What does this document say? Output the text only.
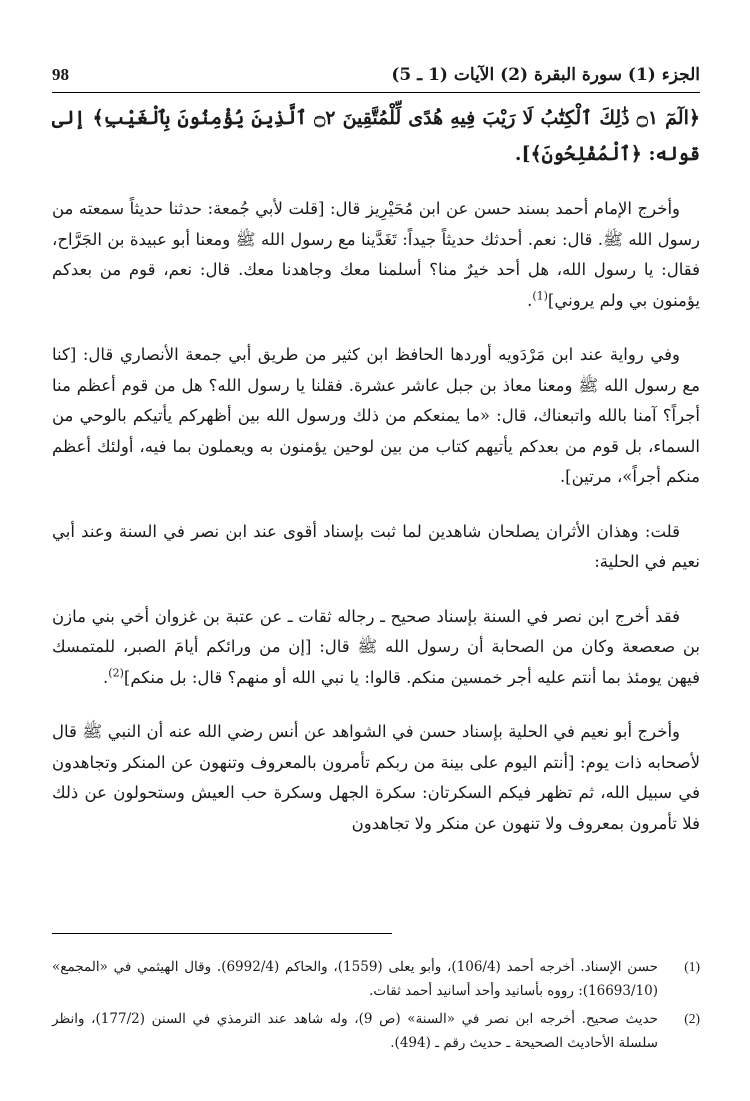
الجزء (1) سورة البقرة (2) الآيات (1 ـ 5)
98

﴿الٓمٓ ۝١ ذَٰلِكَ ٱلْكِتَٰبُ لَا رَيْبَ فِيهِ هُدًى لِّلْمُتَّقِينَ ۝٢ ٱلَّذِينَ يُؤْمِنُونَ بِٱلْغَيْبِ﴾ إلى قوله: ﴿ٱلْمُفْلِحُونَ﴾].

وأخرج الإمام أحمد بسند حسن عن ابن مُحَيْرِيز قال: [قلت لأبي جُمعة: حدثنا حديثاً سمعته من رسول الله ﷺ. قال: نعم. أحدثك حديثاً جيداً: تَغَدَّينا مع رسول الله ﷺ ومعنا أبو عبيدة بن الجَرَّاح، فقال: يا رسول الله، هل أحد خيرٌ منا؟ أسلمنا معك وجاهدنا معك. قال: نعم، قوم من بعدكم يؤمنون بي ولم يروني]$^{(1)}$.

وفي رواية عند ابن مَرْدَويه أوردها الحافظ ابن كثير من طريق أبي جمعة الأنصاري قال: [كنا مع رسول الله ﷺ ومعنا معاذ بن جبل عاشر عشرة. فقلنا يا رسول الله؟ هل من قوم أعظم منا أجراً؟ آمنا بالله واتبعناك، قال: «ما يمنعكم من ذلك ورسول الله بين أظهركم يأتيكم بالوحي من السماء، بل قوم من بعدكم يأتيهم كتاب من بين لوحين يؤمنون به ويعملون بما فيه، أولئك أعظم منكم أجراً»، مرتين].

قلت: وهذان الأثران يصلحان شاهدين لما ثبت بإسناد أقوى عند ابن نصر في السنة وعند أبي نعيم في الحلية:

فقد أخرج ابن نصر في السنة بإسناد صحيح ـ رجاله ثقات ـ عن عتبة بن غزوان أخي بني مازن بن صعصعة وكان من الصحابة أن رسول الله ﷺ قال: [إن من ورائكم أيامَ الصبر، للمتمسك فيهن يومئذ بما أنتم عليه أجر خمسين منكم. قالوا: يا نبي الله أو منهم؟ قال: بل منكم]$^{(2)}$.

وأخرج أبو نعيم في الحلية بإسناد حسن في الشواهد عن أنس رضي الله عنه أن النبي ﷺ قال لأصحابه ذات يوم: [أنتم اليوم على بينة من ربكم تأمرون بالمعروف وتنهون عن المنكر وتجاهدون في سبيل الله، ثم تظهر فيكم السكرتان: سكرة الجهل وسكرة حب العيش وستحولون عن ذلك فلا تأمرون بمعروف ولا تنهون عن منكر ولا تجاهدون

(1)
حسن الإسناد. أخرجه أحمد (106/4)، وأبو يعلى (1559)، والحاكم (6992/4). وقال الهيثمي في «المجمع» (16693/10): رووه بأسانيد وأحد أسانيد أحمد ثقات.
(2)
حديث صحيح. أخرجه ابن نصر في «السنة» (ص 9)، وله شاهد عند الترمذي في السنن (177/2)، وانظر سلسلة الأحاديث الصحيحة ـ حديث رقم ـ (494).
